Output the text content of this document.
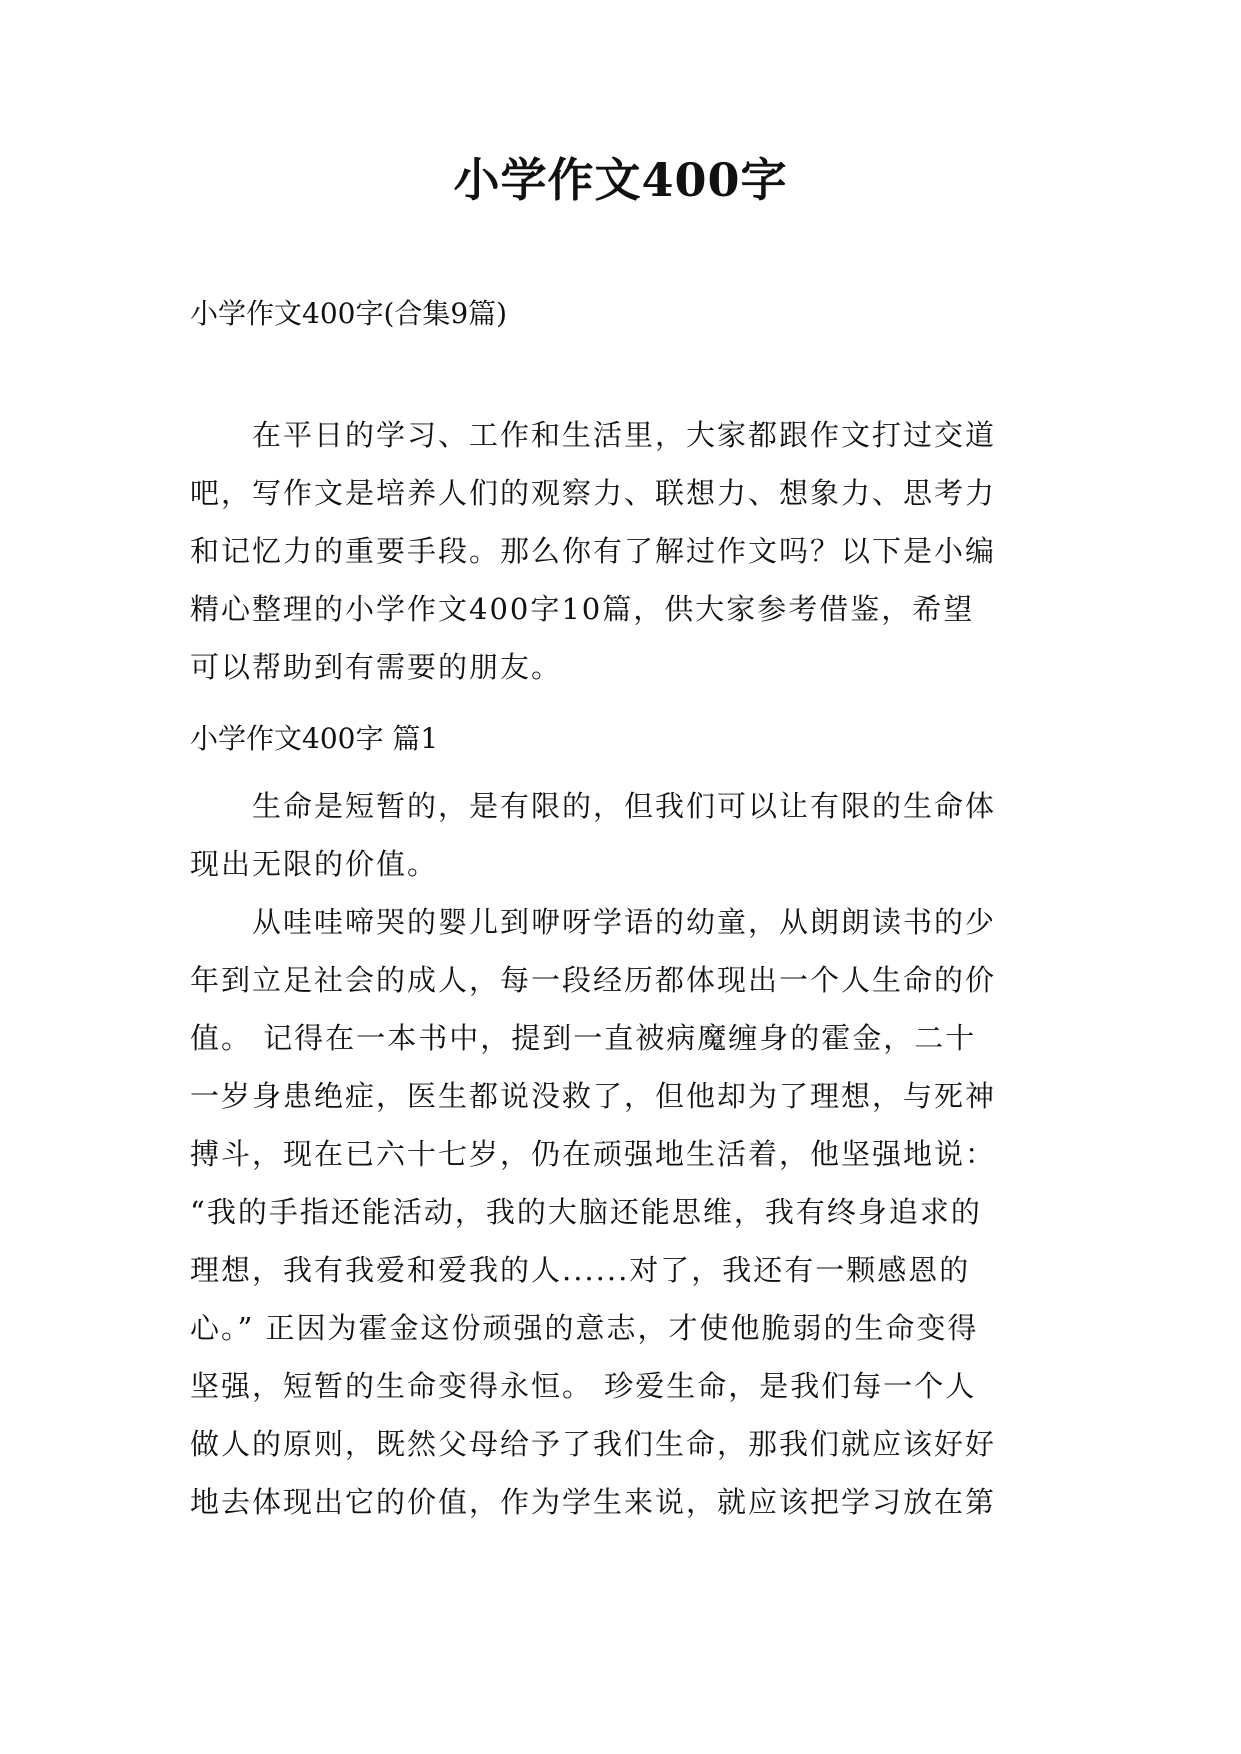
小学作文400字
小学作文400字(合集9篇)
　　在平日的学习、工作和生活里，大家都跟作文打过交道
吧，写作文是培养人们的观察力、联想力、想象力、思考力
和记忆力的重要手段。那么你有了解过作文吗？以下是小编
精心整理的小学作文400字10篇，供大家参考借鉴，希望
可以帮助到有需要的朋友。
小学作文400字 篇1
　　生命是短暂的，是有限的，但我们可以让有限的生命体
现出无限的价值。
　　从哇哇啼哭的婴儿到咿呀学语的幼童，从朗朗读书的少
年到立足社会的成人，每一段经历都体现出一个人生命的价
值。 记得在一本书中，提到一直被病魔缠身的霍金，二十
一岁身患绝症，医生都说没救了，但他却为了理想，与死神
搏斗，现在已六十七岁，仍在顽强地生活着，他坚强地说：
“我的手指还能活动，我的大脑还能思维，我有终身追求的
理想，我有我爱和爱我的人......对了，我还有一颗感恩的
心。” 正因为霍金这份顽强的意志，才使他脆弱的生命变得
坚强，短暂的生命变得永恒。 珍爱生命，是我们每一个人
做人的原则，既然父母给予了我们生命，那我们就应该好好
地去体现出它的价值，作为学生来说，就应该把学习放在第
